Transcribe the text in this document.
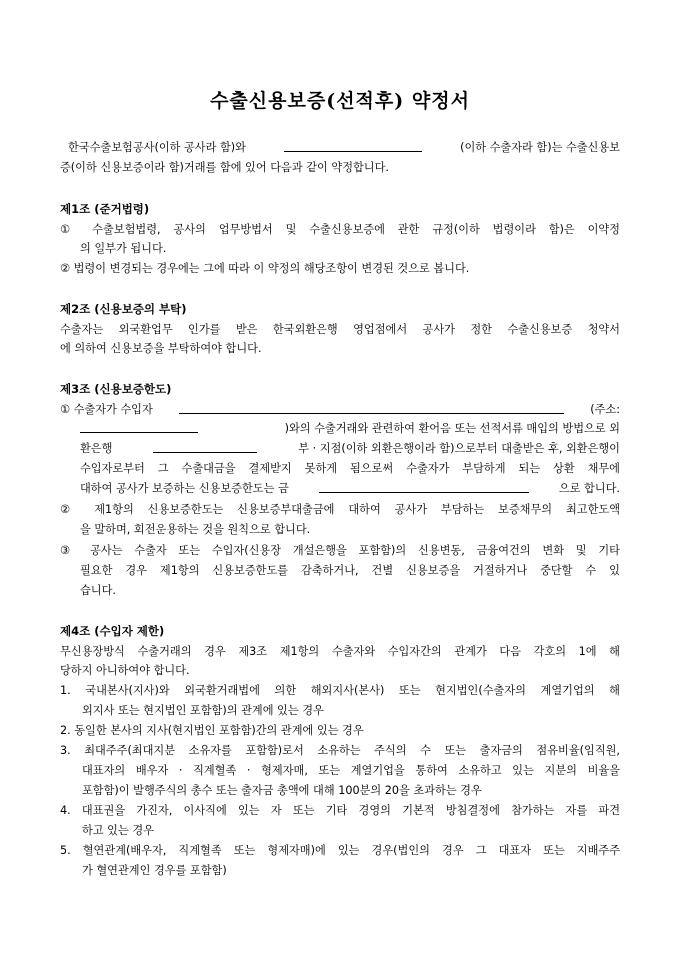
수출신용보증(선적후) 약정서
한국수출보험공사(이하 공사라 함)와	(이하 수출자라 함)는 수출신용보
증(이하 신용보증이라 함)거래를 함에 있어 다음과 같이 약정합니다.
제1조 (준거법령)
① 수출보험법령, 공사의 업무방법서 및 수출신용보증에 관한 규정(이하 법령이라 함)은 이약정
의 일부가 됩니다.
② 법령이 변경되는 경우에는 그에 따라 이 약정의 해당조항이 변경된 것으로 봅니다.
제2조 (신용보증의 부탁)
수출자는 외국환업무 인가를 받은 한국외환은행 영업점에서 공사가 정한 수출신용보증 청약서
에 의하여 신용보증을 부탁하여야 합니다.
제3조 (신용보증한도)
① 수출자가 수입자	(주소:
)와의 수출거래와 관련하여 환어음 또는 선적서류 매입의 방법으로 외
환은행	부 · 지점(이하 외환은행이라 함)으로부터 대출받은 후, 외환은행이
수입자로부터 그 수출대금을 결제받지 못하게 됨으로써 수출자가 부담하게 되는 상환 채무에
대하여 공사가 보증하는 신용보증한도는 금	으로 합니다.
② 제1항의 신용보증한도는 신용보증부대출금에 대하여 공사가 부담하는 보증채무의 최고한도액
을 말하며, 회전운용하는 것을 원칙으로 합니다.
③ 공사는 수출자 또는 수입자(신용장 개설은행을 포함함)의 신용변동, 금융여건의 변화 및 기타
필요한 경우 제1항의 신용보증한도를 감축하거나, 건별 신용보증을 거절하거나 중단할 수 있
습니다.
제4조 (수입자 제한)
무신용장방식 수출거래의 경우 제3조 제1항의 수출자와 수입자간의 관계가 다음 각호의 1에 해
당하지 아니하여야 합니다.
1. 국내본사(지사)와 외국환거래법에 의한 해외지사(본사) 또는 현지법인(수출자의 계열기업의 해
외지사 또는 현지법인 포함함)의 관계에 있는 경우
2. 동일한 본사의 지사(현지법인 포함함)간의 관계에 있는 경우
3. 최대주주(최대지분 소유자를 포함함)로서 소유하는 주식의 수 또는 출자금의 점유비율(임직원,
대표자의 배우자 · 직계혈족 · 형제자매, 또는 계열기업을 통하여 소유하고 있는 지분의 비율을
포함함)이 발행주식의 총수 또는 출자금 총액에 대해 100분의 20을 초과하는 경우
4. 대표권을 가진자, 이사직에 있는 자 또는 기타 경영의 기본적 방침결정에 참가하는 자를 파견
하고 있는 경우
5. 혈연관계(배우자, 직계혈족 또는 형제자매)에 있는 경우(법인의 경우 그 대표자 또는 지배주주
가 혈연관계인 경우를 포함함)
